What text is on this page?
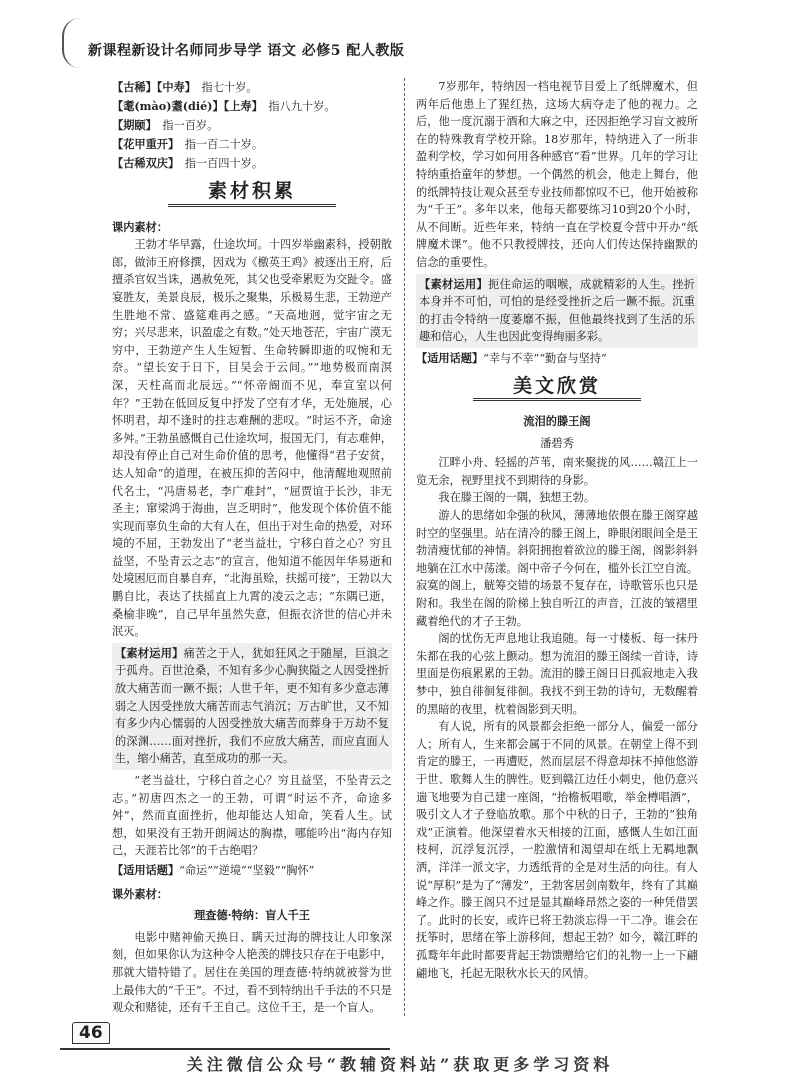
新课程新设计名师同步导学 语文 必修5 配人教版

【古稀】【中寿】　 指七十岁。

【耄(mào)耋(dié)】【上寿】　 指八九十岁。

【期颐】　 指一百岁。

【花甲重开】　 指一百二十岁。

【古稀双庆】　 指一百四十岁。

素材积累

课内素材：

王勃才华早露，仕途坎坷。十四岁举幽素科，授朝散郎，做沛王府修撰，因戏为《檄英王鸡》被逐出王府，后擅杀官奴当诛，遇赦免死，其父也受牵累贬为交趾令。盛宴胜友，美景良辰，极乐之聚集，乐极易生悲，王勃逆产生胜地不常、盛筵难再之感。“天高地迥，觉宇宙之无穷；兴尽悲来，识盈虚之有数。”处天地苍茫，宇宙广漠无穷中，王勃逆产生人生短暂、生命转瞬即逝的叹惋和无奈。“望长安于日下，目吴会于云间。”“地势极而南溟深，天柱高而北辰远。”“怀帝阍而不见，奉宣室以何年？”王勃在低回反复中抒发了空有才华，无处施展，心怀明君，却不逢时的拄志难酬的悲叹。“时运不齐，命途多舛。”王勃虽感慨自己仕途坎坷，报国无门，有志难伸，却没有停止自己对生命价值的思考，他懂得“君子安贫，达人知命”的道理，在被压抑的苦闷中，他清醒地观照前代名士，“冯唐易老，李广难封”，“屈贾谊于长沙，非无圣主；窜梁鸿于海曲，岂乏明时”，他发现个体价值不能实现而辜负生命的大有人在，但出于对生命的热爱，对环境的不屈，王勃发出了“老当益壮，宁移白首之心？穷且益坚，不坠青云之志”的宣言，他知道不能因年华易逝和处境困厄而自暴自弃，“北海虽赊，扶摇可接”，王勃以大鹏自比，表达了扶摇直上九霄的凌云之志；“东隅已逝，桑榆非晚”，自己早年虽然失意，但振衣济世的信心并未泯灭。

【素材运用】痛苦之于人，犹如狂风之于随屋，巨浪之于孤舟。百世沧桑，不知有多少心胸狭隘之人因受挫折放大痛苦而一蹶不振；人世千年，更不知有多少意志薄弱之人因受挫放大痛苦而志气消沉；万古旷世，又不知有多少内心懦弱的人因受挫放大痛苦而葬身于万劫不复的深渊……面对挫折，我们不应放大痛苦，而应直面人生，缩小痛苦，直至成功的那一天。

“老当益壮，宁移白首之心？穷且益坚，不坠青云之志。”初唐四杰之一的王勃，可谓“时运不齐，命途多舛”，然而直面挫折，他却能达人知命，笑看人生。试想，如果没有王勃开朗阔达的胸襟，哪能吟出“海内存知己，天涯若比邻”的千古绝唱？

【适用话题】“命运”“逆境”“坚毅”“胸怀”

课外素材：

理查德·特纳：盲人千王

电影中赌神偷天换日、瞒天过海的牌技让人印象深刻，但如果你认为这种令人艳羡的牌技只存在于电影中，那就大错特错了。居住在美国的理查德·特纳就被誉为世上最伟大的“千王”。不过，看不到特纳出千手法的不只是观众和赌徒，还有千王自己。这位千王，是一个盲人。

7岁那年，特纳因一档电视节目爱上了纸牌魔术，但两年后他患上了猩红热，这场大病夺走了他的视力。之后，他一度沉溺于酒和大麻之中，还因拒绝学习盲文被所在的特殊教育学校开除。18岁那年，特纳进入了一所非盈利学校，学习如何用各种感官“看”世界。几年的学习让特纳重拾童年的梦想。一个偶然的机会，他走上舞台，他的纸牌特技让观众甚至专业技师都惊叹不已，他开始被称为“千王”。多年以来，他每天都要练习10到20个小时，从不间断。近些年来，特纳一直在学校夏令营中开办“纸牌魔术课”。他不只教授牌技，还向人们传达保持幽默的信念的重要性。

【素材运用】扼住命运的咽喉，成就精彩的人生。挫折本身并不可怕，可怕的是经受挫折之后一蹶不振。沉重的打击令特纳一度萎靡不振，但他最终找到了生活的乐趣和信心，人生也因此变得绚丽多彩。

【适用话题】“幸与不幸”“勤奋与坚持”

美文欣赏

流泪的滕王阁

潘碧秀

江畔小舟、轻摇的芦苇，南来聚拢的风……赣江上一览无余，视野里找不到期待的身影。

我在滕王阁的一隅，独想王勃。

游人的思绪如伞强的秋风，薄薄地依偎在滕王阁穿越时空的坚强里。站在清冷的滕王阁上，睁眼闭眼间全是王勃清瘦忧郁的神情。斜阳拥抱着欲泣的滕王阁，阁影斜斜地躺在江水中荡漾。阁中帝子今何在，槛外长江空自流。寂寞的阁上，觥筹交错的场景不复存在，诗歌管乐也只是附和。我坐在阁的阶梯上独自听江的声音，江波的皱褶里藏着绝代的才子王勃。

阁的忧伤无声息地让我追随。每一寸楼板、每一抹丹朱都在我的心弦上颤动。想为流泪的滕王阁续一首诗，诗里面是伤痕累累的王勃。流泪的滕王阁日日孤寂地走入我梦中，独自徘徊复徘徊。我找不到王勃的诗句，无数醒着的黑暗的夜里，枕着阁影到天明。

有人说，所有的风景都会拒绝一部分人，偏爱一部分人；所有人，生来都会属于不同的风景。在朝堂上得不到肯定的滕王，一再遭贬，然而层层不得意却抹不掉他悠游于世、歌舞人生的脾性。贬到赣江边任小刺史，他仍意兴遄飞地要为自己建一座阁，“抬檐板唱歌，举金樽唱酒”，吸引文人才子登临放歌。那个中秋的日子，王勃的“独角戏”正演着。他深望着水天相接的江面，感慨人生如江面枝柯，沉浮复沉浮，一腔激情和渴望却在纸上无羁地飘洒，洋洋一派文字，力透纸背的全是对生活的向往。有人说“厚积”是为了“薄发”，王勃客居剑南数年，终有了其巅峰之作。滕王阁只不过是显其巅峰昂然之姿的一种凭借罢了。此时的长安，或许已将王勃淡忘得一干二净。谁会在抚筝时，思绪在筝上游移间，想起王勃？如今，赣江畔的孤鹜年年此时都要背起王勃馈赠给它们的礼物一上一下翩翩地飞，托起无限秋水长天的风情。

46
关注微信公众号“教辅资料站”获取更多学习资料
